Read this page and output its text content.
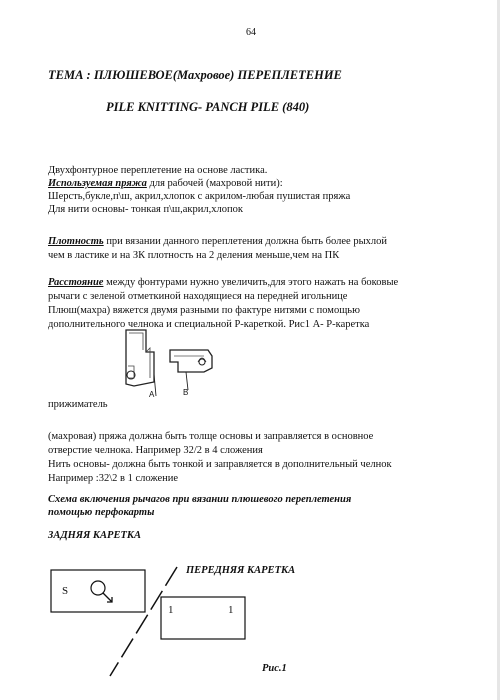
64
ТЕМА : ПЛЮШЕВОЕ(Махровое) ПЕРЕПЛЕТЕНИЕ
PILE KNITTING- PANCH PILE (840)
Двухфонтурное переплетение на основе ластика.
Используемая пряжа для рабочей (махровой нити):
Шерсть,букле,п\ш, акрил,хлопок с акрилом-любая пушистая пряжа
Для нити основы- тонкая п\ш,акрил,хлопок
Плотность при вязании данного переплетения должна быть более рыхлой
чем в ластике и на ЗК плотность на 2 деления меньше,чем на ПК
Расстояние между фонтурами нужно увеличить,для этого нажать на боковые
рычаги с зеленой отметкиной находящиеся на передней игольнице
Плюш(махра) вяжется двумя разными по фактуре нитями с помощью
дополнительного челнока и специальной Р-кареткой. Рис1 А- Р-каретка
A	B
прижиматель
(махровая) пряжа должна быть толще основы и заправляется в основное
отверстие челнока. Например 32/2 в 4 сложения
Нить основы- должна быть тонкой и заправляется в дополнительный челнок
Например :32\2 в 1 сложение
Схема включения рычагов при вязании плюшевого переплетения
помощью перфокарты
ЗАДНЯЯ КАРЕТКА
ПЕРЕДНЯЯ КАРЕТКА
S
1	1
Рис.1
